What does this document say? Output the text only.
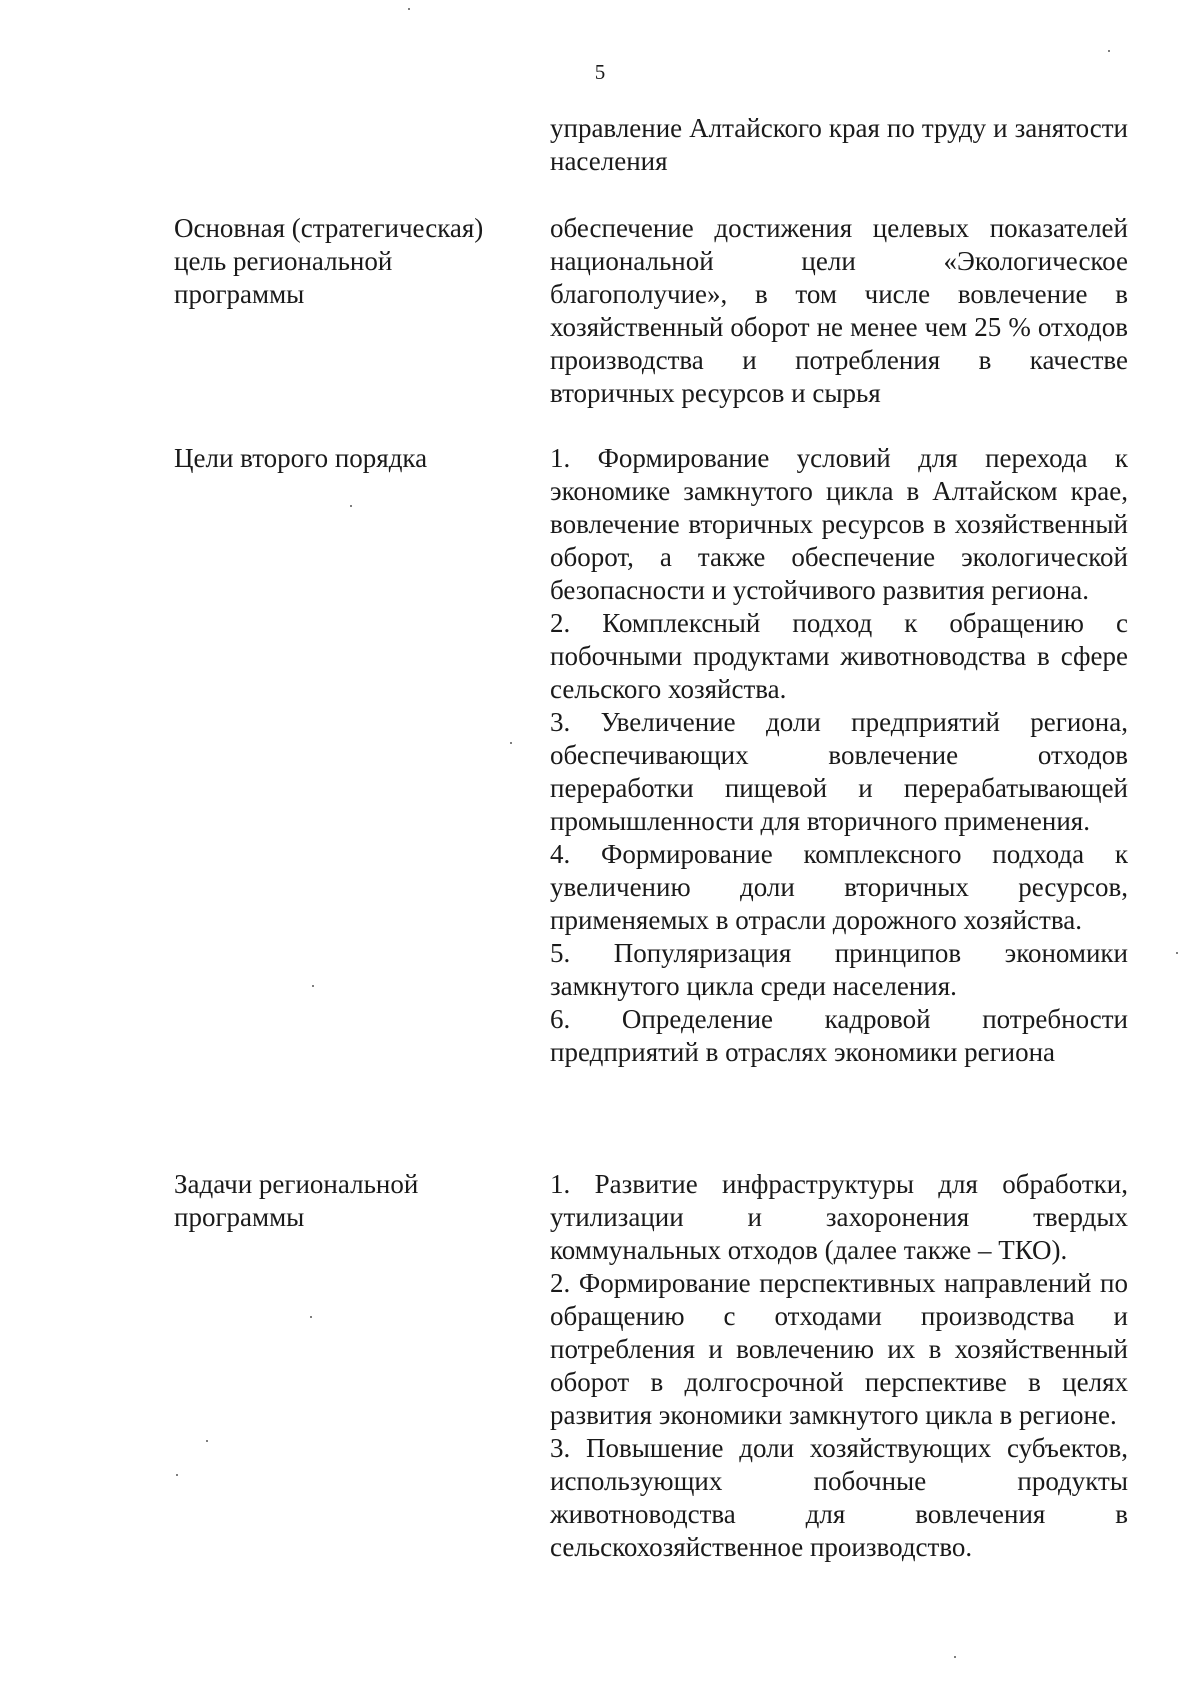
5

управление Алтайского края по труду и занятости населения

Основная (стратегическая) цель региональной программы

обеспечение достижения целевых показателей национальной цели «Экологическое благополучие», в том числе вовлечение в хозяйственный оборот не менее чем 25 % отходов производства и потребления в качестве вторичных ресурсов и сырья

Цели второго порядка	1. Формирование условий для перехода к экономике замкнутого цикла в Алтайском крае, вовлечение вторичных ресурсов в хозяйственный оборот, а также обеспечение экологической безопасности и устойчивого развития региона.

2. Комплексный подход к обращению с побочными продуктами животноводства в сфере сельского хозяйства.

3. Увеличение доли предприятий региона, обеспечивающих вовлечение отходов переработки пищевой и перерабатывающей промышленности для вторичного применения.

4. Формирование комплексного подхода к увеличению доли вторичных ресурсов, применяемых в отрасли дорожного хозяйства.

5. Популяризация принципов экономики замкнутого цикла среди населения.

6. Определение кадровой потребности предприятий в отраслях экономики региона

Задачи региональной программы

1. Развитие инфраструктуры для обработки, утилизации и захоронения твердых коммунальных отходов (далее также – ТКО).

2. Формирование перспективных направлений по обращению с отходами производства и потребления и вовлечению их в хозяйственный оборот в долгосрочной перспективе в целях развития экономики замкнутого цикла в регионе.

3. Повышение доли хозяйствующих субъектов, использующих побочные продукты животноводства для вовлечения в сельскохозяйственное производство.
